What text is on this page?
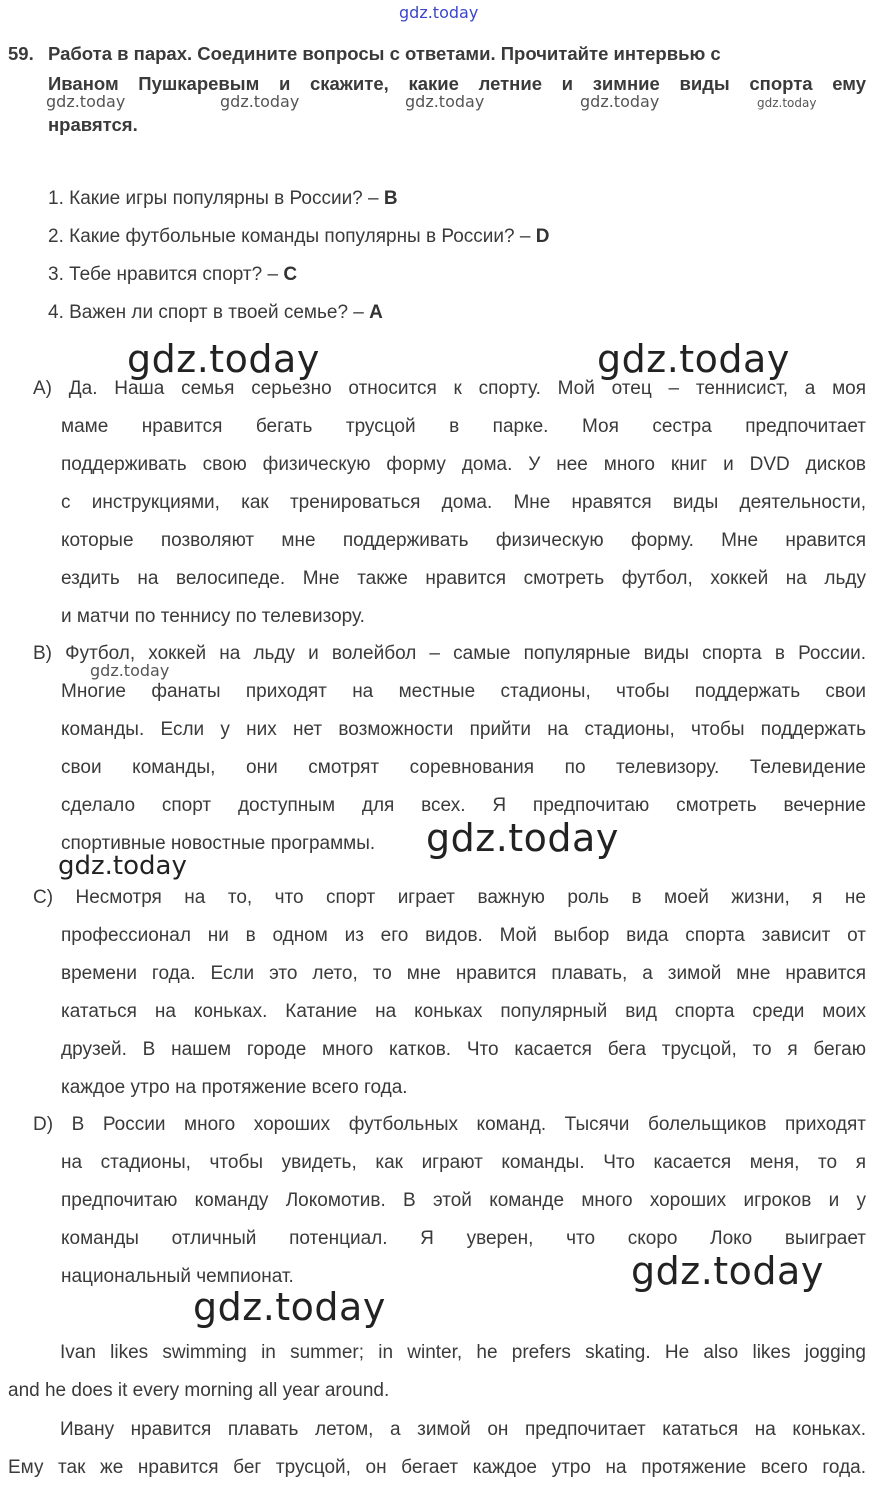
gdz.today
gdz.today	gdz.today	gdz.today	gdz.today	gdz.today
59. Работа в парах. Соедините вопросы с ответами. Прочитайте интервью с
Иваном Пушкаревым и скажите, какие летние и зимние виды спорта ему
нравятся.
1. Какие игры популярны в России? – B
2. Какие футбольные команды популярны в России? – D
3. Тебе нравится спорт? – C
4. Важен ли спорт в твоей семье? – A
A) Да. Наша семья серьезно относится к спорту. Мой отец – теннисист, а моя
маме нравится бегать трусцой в парке. Моя сестра предпочитает
поддерживать свою физическую форму дома. У нее много книг и DVD дисков
с инструкциями, как тренироваться дома. Мне нравятся виды деятельности,
которые позволяют мне поддерживать физическую форму. Мне нравится
ездить на велосипеде. Мне также нравится смотреть футбол, хоккей на льду
и матчи по теннису по телевизору.
B) Футбол, хоккей на льду и волейбол – самые популярные виды спорта в России.
Многие фанаты приходят на местные стадионы, чтобы поддержать свои
команды. Если у них нет возможности прийти на стадионы, чтобы поддержать
свои команды, они смотрят соревнования по телевизору. Телевидение
сделало спорт доступным для всех. Я предпочитаю смотреть вечерние
спортивные новостные программы.
C) Несмотря на то, что спорт играет важную роль в моей жизни, я не
профессионал ни в одном из его видов. Мой выбор вида спорта зависит от
времени года. Если это лето, то мне нравится плавать, а зимой мне нравится
кататься на коньках. Катание на коньках популярный вид спорта среди моих
друзей. В нашем городе много катков. Что касается бега трусцой, то я бегаю
каждое утро на протяжение всего года.
D) В России много хороших футбольных команд. Тысячи болельщиков приходят
на стадионы, чтобы увидеть, как играют команды. Что касается меня, то я
предпочитаю команду Локомотив. В этой команде много хороших игроков и у
команды отличный потенциал. Я уверен, что скоро Локо выиграет
национальный чемпионат.
Ivan likes swimming in summer; in winter, he prefers skating. He also likes jogging
and he does it every morning all year around.
Ивану нравится плавать летом, а зимой он предпочитает кататься на коньках.
Ему так же нравится бег трусцой, он бегает каждое утро на протяжение всего года.
gdz.today	gdz.today
gdz.today
gdz.today
gdz.today
gdz.today
gdz.today
